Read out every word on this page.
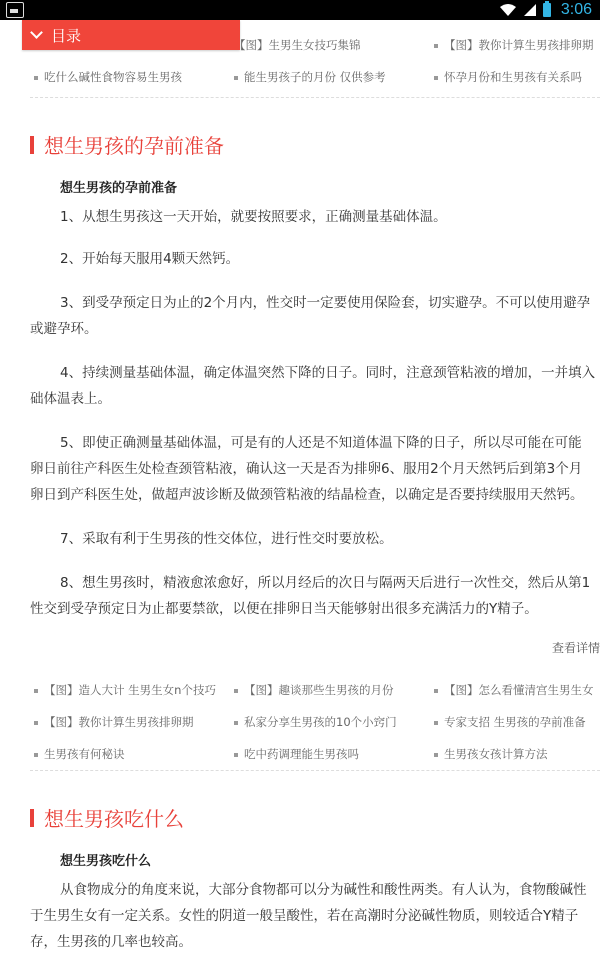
3:06
目录
【图】生男生女技巧集锦	【图】教你计算生男孩排卵期
吃什么碱性食物容易生男孩	能生男孩子的月份 仅供参考	怀孕月份和生男孩有关系吗
想生男孩的孕前准备
想生男孩的孕前准备
1、从想生男孩这一天开始，就要按照要求，正确测量基础体温。
2、开始每天服用4颗天然钙。
3、到受孕预定日为止的2个月内，性交时一定要使用保险套，切实避孕。不可以使用避孕
或避孕环。
4、持续测量基础体温，确定体温突然下降的日子。同时，注意颈管粘液的增加，一并填入
础体温表上。
5、即使正确测量基础体温，可是有的人还是不知道体温下降的日子，所以尽可能在可能
卵日前往产科医生处检查颈管粘液，确认这一天是否为排卵6、服用2个月天然钙后到第3个月
卵日到产科医生处，做超声波诊断及做颈管粘液的结晶检查，以确定是否要持续服用天然钙。
7、采取有利于生男孩的性交体位，进行性交时要放松。
8、想生男孩时，精液愈浓愈好，所以月经后的次日与隔两天后进行一次性交，然后从第1
性交到受孕预定日为止都要禁欲，以便在排卵日当天能够射出很多充满活力的Y精子。
查看详情
【图】造人大计 生男生女n个技巧	【图】趣谈那些生男孩的月份	【图】怎么看懂清宫生男生女
【图】教你计算生男孩排卵期	私家分享生男孩的10个小窍门	专家支招 生男孩的孕前准备
生男孩有何秘诀	吃中药调理能生男孩吗	生男孩女孩计算方法
想生男孩吃什么
想生男孩吃什么
从食物成分的角度来说，大部分食物都可以分为碱性和酸性两类。有人认为，食物酸碱性
于生男生女有一定关系。女性的阴道一般呈酸性，若在高潮时分泌碱性物质，则较适合Y精子
存，生男孩的几率也较高。
